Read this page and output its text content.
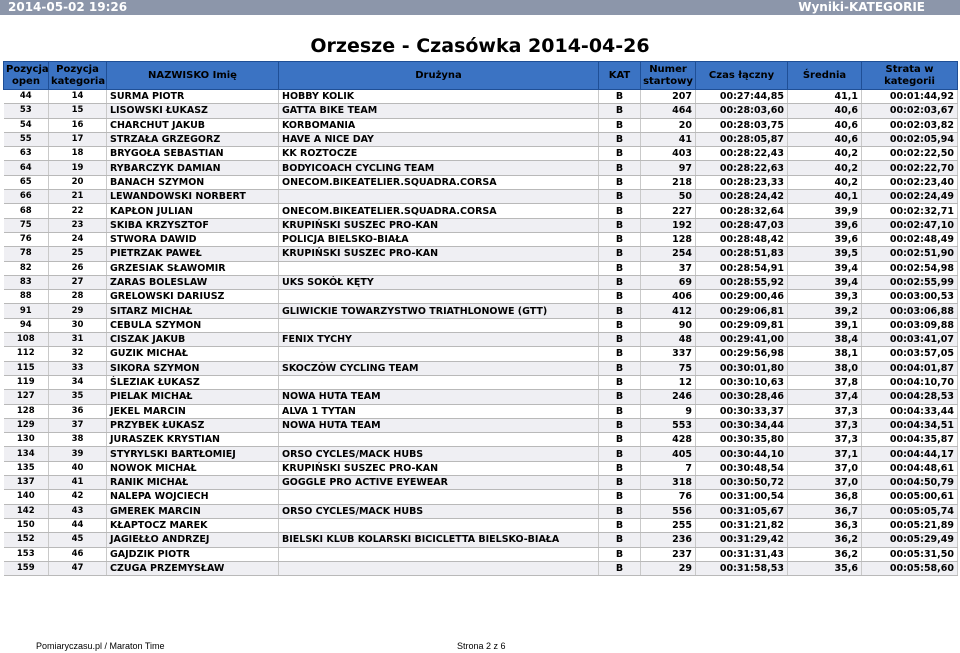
2014-05-02 19:26	Wyniki-KATEGORIE
Orzesze - Czasówka 2014-04-26
Pozycja open	Pozycja kategoria	NAZWISKO Imię	Drużyna	KAT	Numer startowy	Czas łączny	Średnia	Strata w kategorii
44	14	SURMA PIOTR	HOBBY KOLIK	B	207	00:27:44,85	41,1	00:01:44,92
53	15	LISOWSKI ŁUKASZ	GATTA BIKE TEAM	B	464	00:28:03,60	40,6	00:02:03,67
54	16	CHARCHUT JAKUB	KORBOMANIA	B	20	00:28:03,75	40,6	00:02:03,82
55	17	STRZAŁA GRZEGORZ	HAVE A NICE DAY	B	41	00:28:05,87	40,6	00:02:05,94
63	18	BRYGOŁA SEBASTIAN	KK ROZTOCZE	B	403	00:28:22,43	40,2	00:02:22,50
64	19	RYBARCZYK DAMIAN	BODYICOACH CYCLING TEAM	B	97	00:28:22,63	40,2	00:02:22,70
65	20	BANACH SZYMON	ONECOM.BIKEATELIER.SQUADRA.CORSA	B	218	00:28:23,33	40,2	00:02:23,40
66	21	LEWANDOWSKI NORBERT		B	50	00:28:24,42	40,1	00:02:24,49
68	22	KAPŁON JULIAN	ONECOM.BIKEATELIER.SQUADRA.CORSA	B	227	00:28:32,64	39,9	00:02:32,71
75	23	SKIBA KRZYSZTOF	KRUPIŃSKI SUSZEC PRO-KAN	B	192	00:28:47,03	39,6	00:02:47,10
76	24	STWORA DAWID	POLICJA BIELSKO-BIAŁA	B	128	00:28:48,42	39,6	00:02:48,49
78	25	PIETRZAK PAWEŁ	KRUPIŃSKI SUSZEC PRO-KAN	B	254	00:28:51,83	39,5	00:02:51,90
82	26	GRZESIAK SŁAWOMIR		B	37	00:28:54,91	39,4	00:02:54,98
83	27	ZARAS BOLESLAW	UKS SOKÓŁ KĘTY	B	69	00:28:55,92	39,4	00:02:55,99
88	28	GRELOWSKI DARIUSZ		B	406	00:29:00,46	39,3	00:03:00,53
91	29	SITARZ MICHAŁ	GLIWICKIE TOWARZYSTWO TRIATHLONOWE (GTT)	B	412	00:29:06,81	39,2	00:03:06,88
94	30	CEBULA SZYMON		B	90	00:29:09,81	39,1	00:03:09,88
108	31	CISZAK JAKUB	FENIX TYCHY	B	48	00:29:41,00	38,4	00:03:41,07
112	32	GUZIK MICHAŁ		B	337	00:29:56,98	38,1	00:03:57,05
115	33	SIKORA SZYMON	SKOCZÓW CYCLING TEAM	B	75	00:30:01,80	38,0	00:04:01,87
119	34	ŚLEZIAK ŁUKASZ		B	12	00:30:10,63	37,8	00:04:10,70
127	35	PIELAK MICHAŁ	NOWA HUTA TEAM	B	246	00:30:28,46	37,4	00:04:28,53
128	36	JEKEL MARCIN	ALVA 1 TYTAN	B	9	00:30:33,37	37,3	00:04:33,44
129	37	PRZYBEK ŁUKASZ	NOWA HUTA TEAM	B	553	00:30:34,44	37,3	00:04:34,51
130	38	JURASZEK KRYSTIAN		B	428	00:30:35,80	37,3	00:04:35,87
134	39	STYRYLSKI BARTŁOMIEJ	ORSO CYCLES/MACK HUBS	B	405	00:30:44,10	37,1	00:04:44,17
135	40	NOWOK MICHAŁ	KRUPIŃSKI SUSZEC PRO-KAN	B	7	00:30:48,54	37,0	00:04:48,61
137	41	RANIK MICHAŁ	GOGGLE PRO ACTIVE EYEWEAR	B	318	00:30:50,72	37,0	00:04:50,79
140	42	NALEPA WOJCIECH		B	76	00:31:00,54	36,8	00:05:00,61
142	43	GMEREK MARCIN	ORSO CYCLES/MACK HUBS	B	556	00:31:05,67	36,7	00:05:05,74
150	44	KŁAPTOCZ MAREK		B	255	00:31:21,82	36,3	00:05:21,89
152	45	JAGIEŁŁO ANDRZEJ	BIELSKI KLUB KOLARSKI BICICLETTA BIELSKO-BIAŁA	B	236	00:31:29,42	36,2	00:05:29,49
153	46	GAJDZIK PIOTR		B	237	00:31:31,43	36,2	00:05:31,50
159	47	CZUGA PRZEMYSŁAW		B	29	00:31:58,53	35,6	00:05:58,60
Pomiaryczasu.pl / Maraton Time	Strona 2 z 6
